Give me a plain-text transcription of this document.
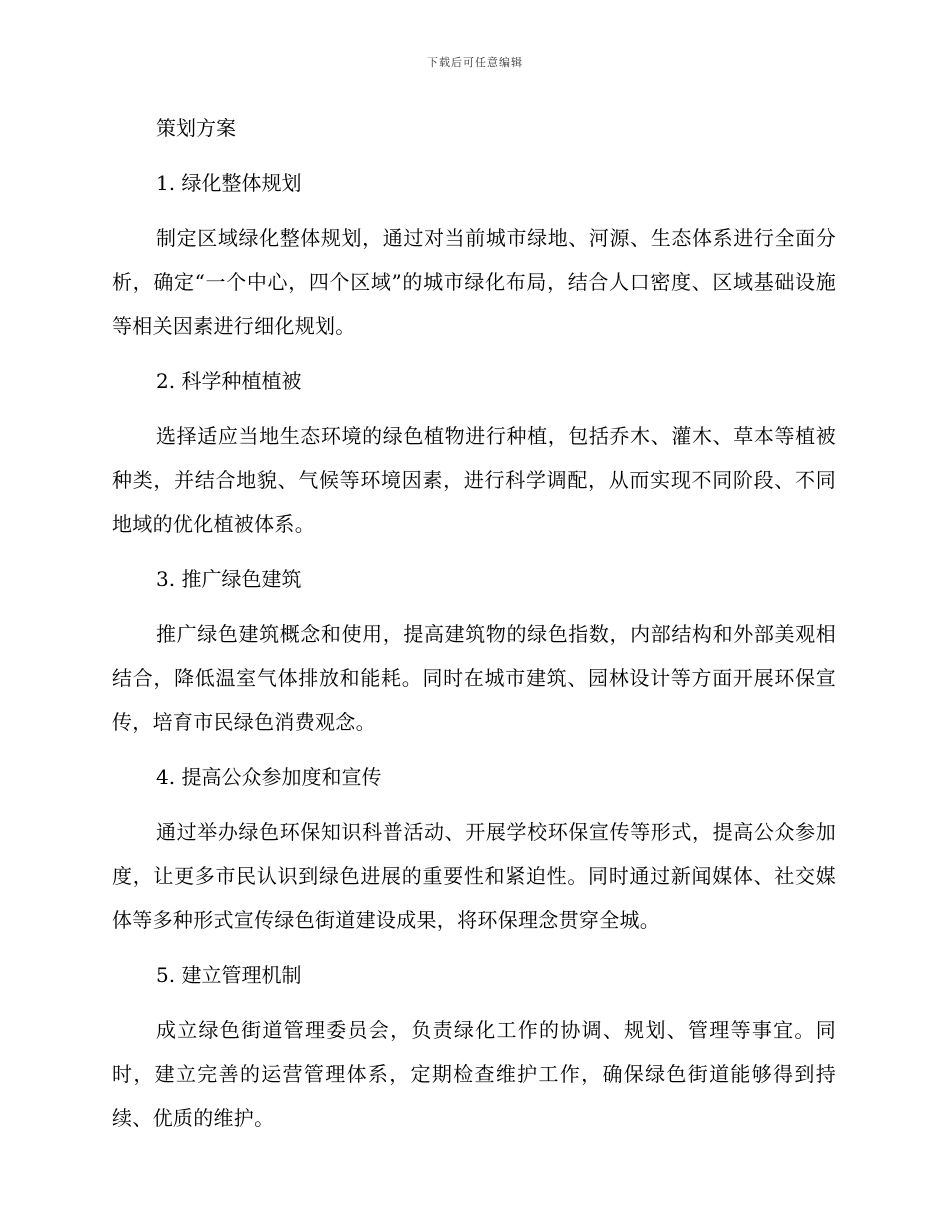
下载后可任意编辑
策划方案
1. 绿化整体规划

制定区域绿化整体规划，通过对当前城市绿地、河源、生态体系进行全面分析，确定“一个中心，四个区域”的城市绿化布局，结合人口密度、区域基础设施等相关因素进行细化规划。

2. 科学种植植被

选择适应当地生态环境的绿色植物进行种植，包括乔木、灌木、草本等植被种类，并结合地貌、气候等环境因素，进行科学调配，从而实现不同阶段、不同地域的优化植被体系。

3. 推广绿色建筑

推广绿色建筑概念和使用，提高建筑物的绿色指数，内部结构和外部美观相结合，降低温室气体排放和能耗。同时在城市建筑、园林设计等方面开展环保宣传，培育市民绿色消费观念。

4. 提高公众参加度和宣传

通过举办绿色环保知识科普活动、开展学校环保宣传等形式，提高公众参加度，让更多市民认识到绿色进展的重要性和紧迫性。同时通过新闻媒体、社交媒体等多种形式宣传绿色街道建设成果，将环保理念贯穿全城。

5. 建立管理机制

成立绿色街道管理委员会，负责绿化工作的协调、规划、管理等事宜。同时，建立完善的运营管理体系，定期检查维护工作，确保绿色街道能够得到持续、优质的维护。
